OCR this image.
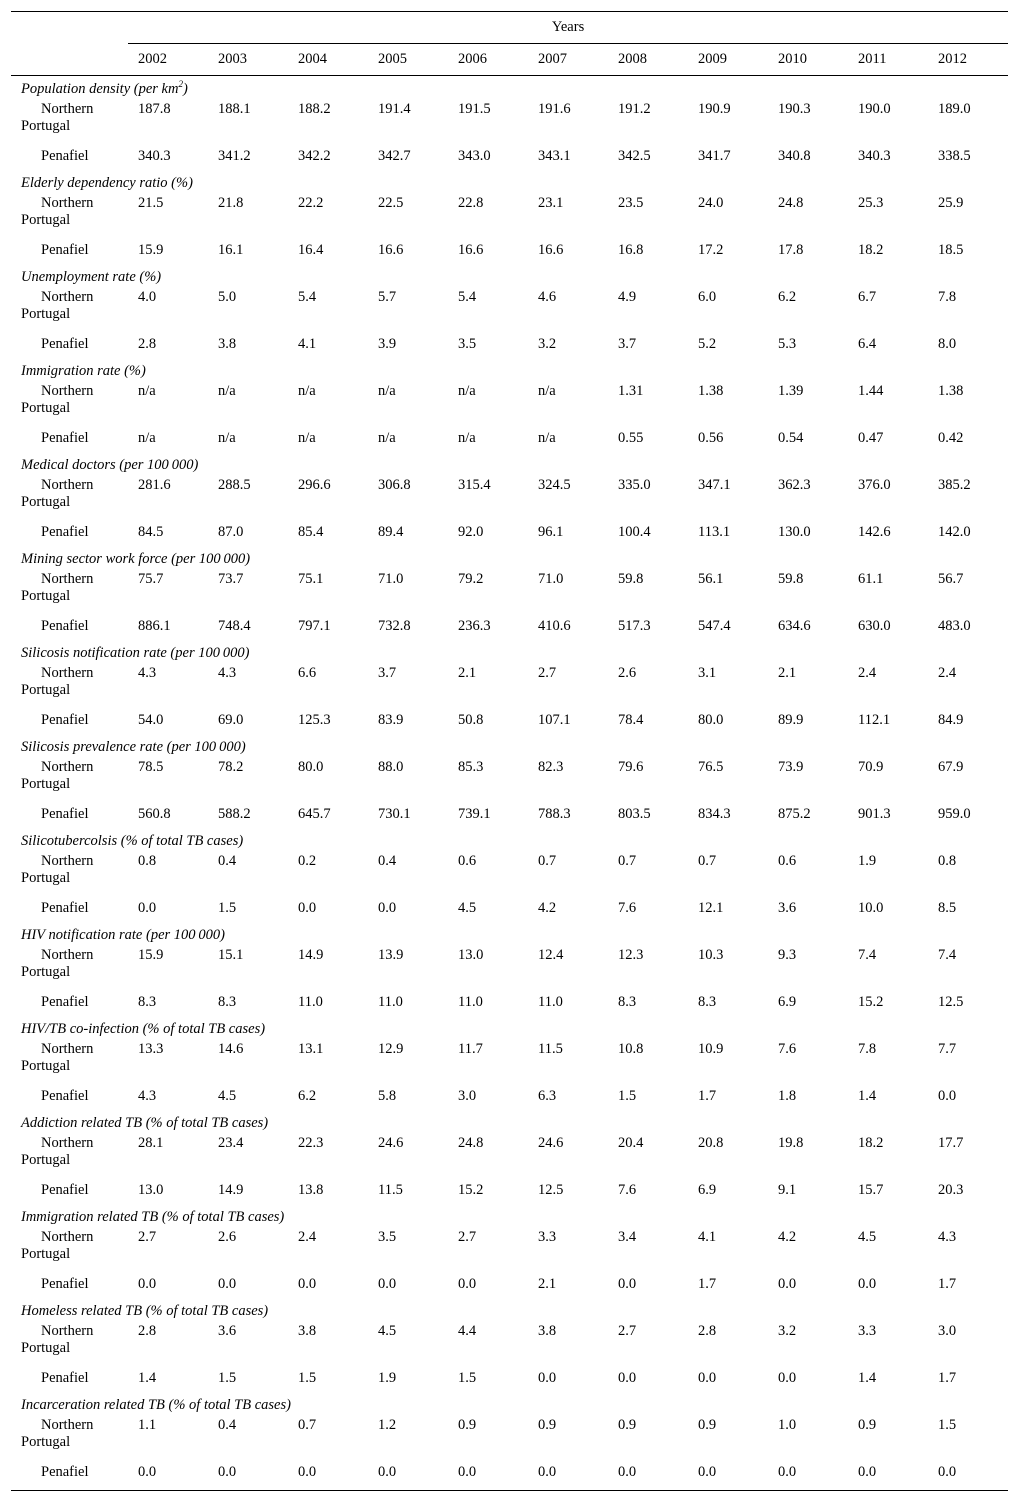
	Years										
	2002	2003	2004	2005	2006	2007	2008	2009	2010	2011	2012
Population density (per $km^2$)											
Northern
Portugal	187.8	188.1	188.2	191.4	191.5	191.6	191.2	190.9	190.3	190.0	189.0
Penafiel	340.3	341.2	342.2	342.7	343.0	343.1	342.5	341.7	340.8	340.3	338.5
Elderly dependency ratio (%)											
Northern
Portugal	21.5	21.8	22.2	22.5	22.8	23.1	23.5	24.0	24.8	25.3	25.9
Penafiel	15.9	16.1	16.4	16.6	16.6	16.6	16.8	17.2	17.8	18.2	18.5
Unemployment rate (%)											
Northern
Portugal	4.0	5.0	5.4	5.7	5.4	4.6	4.9	6.0	6.2	6.7	7.8
Penafiel	2.8	3.8	4.1	3.9	3.5	3.2	3.7	5.2	5.3	6.4	8.0
Immigration rate (%)											
Northern
Portugal	n/a	n/a	n/a	n/a	n/a	n/a	1.31	1.38	1.39	1.44	1.38
Penafiel	n/a	n/a	n/a	n/a	n/a	n/a	0.55	0.56	0.54	0.47	0.42
Medical doctors (per 100 000)											
Northern
Portugal	281.6	288.5	296.6	306.8	315.4	324.5	335.0	347.1	362.3	376.0	385.2
Penafiel	84.5	87.0	85.4	89.4	92.0	96.1	100.4	113.1	130.0	142.6	142.0
Mining sector work force (per 100 000)											
Northern
Portugal	75.7	73.7	75.1	71.0	79.2	71.0	59.8	56.1	59.8	61.1	56.7
Penafiel	886.1	748.4	797.1	732.8	236.3	410.6	517.3	547.4	634.6	630.0	483.0
Silicosis notification rate (per 100 000)											
Northern
Portugal	4.3	4.3	6.6	3.7	2.1	2.7	2.6	3.1	2.1	2.4	2.4
Penafiel	54.0	69.0	125.3	83.9	50.8	107.1	78.4	80.0	89.9	112.1	84.9
Silicosis prevalence rate (per 100 000)											
Northern
Portugal	78.5	78.2	80.0	88.0	85.3	82.3	79.6	76.5	73.9	70.9	67.9
Penafiel	560.8	588.2	645.7	730.1	739.1	788.3	803.5	834.3	875.2	901.3	959.0
Silicotubercolsis (% of total TB cases)											
Northern
Portugal	0.8	0.4	0.2	0.4	0.6	0.7	0.7	0.7	0.6	1.9	0.8
Penafiel	0.0	1.5	0.0	0.0	4.5	4.2	7.6	12.1	3.6	10.0	8.5
HIV notification rate (per 100 000)											
Northern
Portugal	15.9	15.1	14.9	13.9	13.0	12.4	12.3	10.3	9.3	7.4	7.4
Penafiel	8.3	8.3	11.0	11.0	11.0	11.0	8.3	8.3	6.9	15.2	12.5
HIV/TB co-infection (% of total TB cases)											
Northern
Portugal	13.3	14.6	13.1	12.9	11.7	11.5	10.8	10.9	7.6	7.8	7.7
Penafiel	4.3	4.5	6.2	5.8	3.0	6.3	1.5	1.7	1.8	1.4	0.0
Addiction related TB (% of total TB cases)											
Northern
Portugal	28.1	23.4	22.3	24.6	24.8	24.6	20.4	20.8	19.8	18.2	17.7
Penafiel	13.0	14.9	13.8	11.5	15.2	12.5	7.6	6.9	9.1	15.7	20.3
Immigration related TB (% of total TB cases)											
Northern
Portugal	2.7	2.6	2.4	3.5	2.7	3.3	3.4	4.1	4.2	4.5	4.3
Penafiel	0.0	0.0	0.0	0.0	0.0	2.1	0.0	1.7	0.0	0.0	1.7
Homeless related TB (% of total TB cases)											
Northern
Portugal	2.8	3.6	3.8	4.5	4.4	3.8	2.7	2.8	3.2	3.3	3.0
Penafiel	1.4	1.5	1.5	1.9	1.5	0.0	0.0	0.0	0.0	1.4	1.7
Incarceration related TB (% of total TB cases)											
Northern
Portugal	1.1	0.4	0.7	1.2	0.9	0.9	0.9	0.9	1.0	0.9	1.5
Penafiel	0.0	0.0	0.0	0.0	0.0	0.0	0.0	0.0	0.0	0.0	0.0
